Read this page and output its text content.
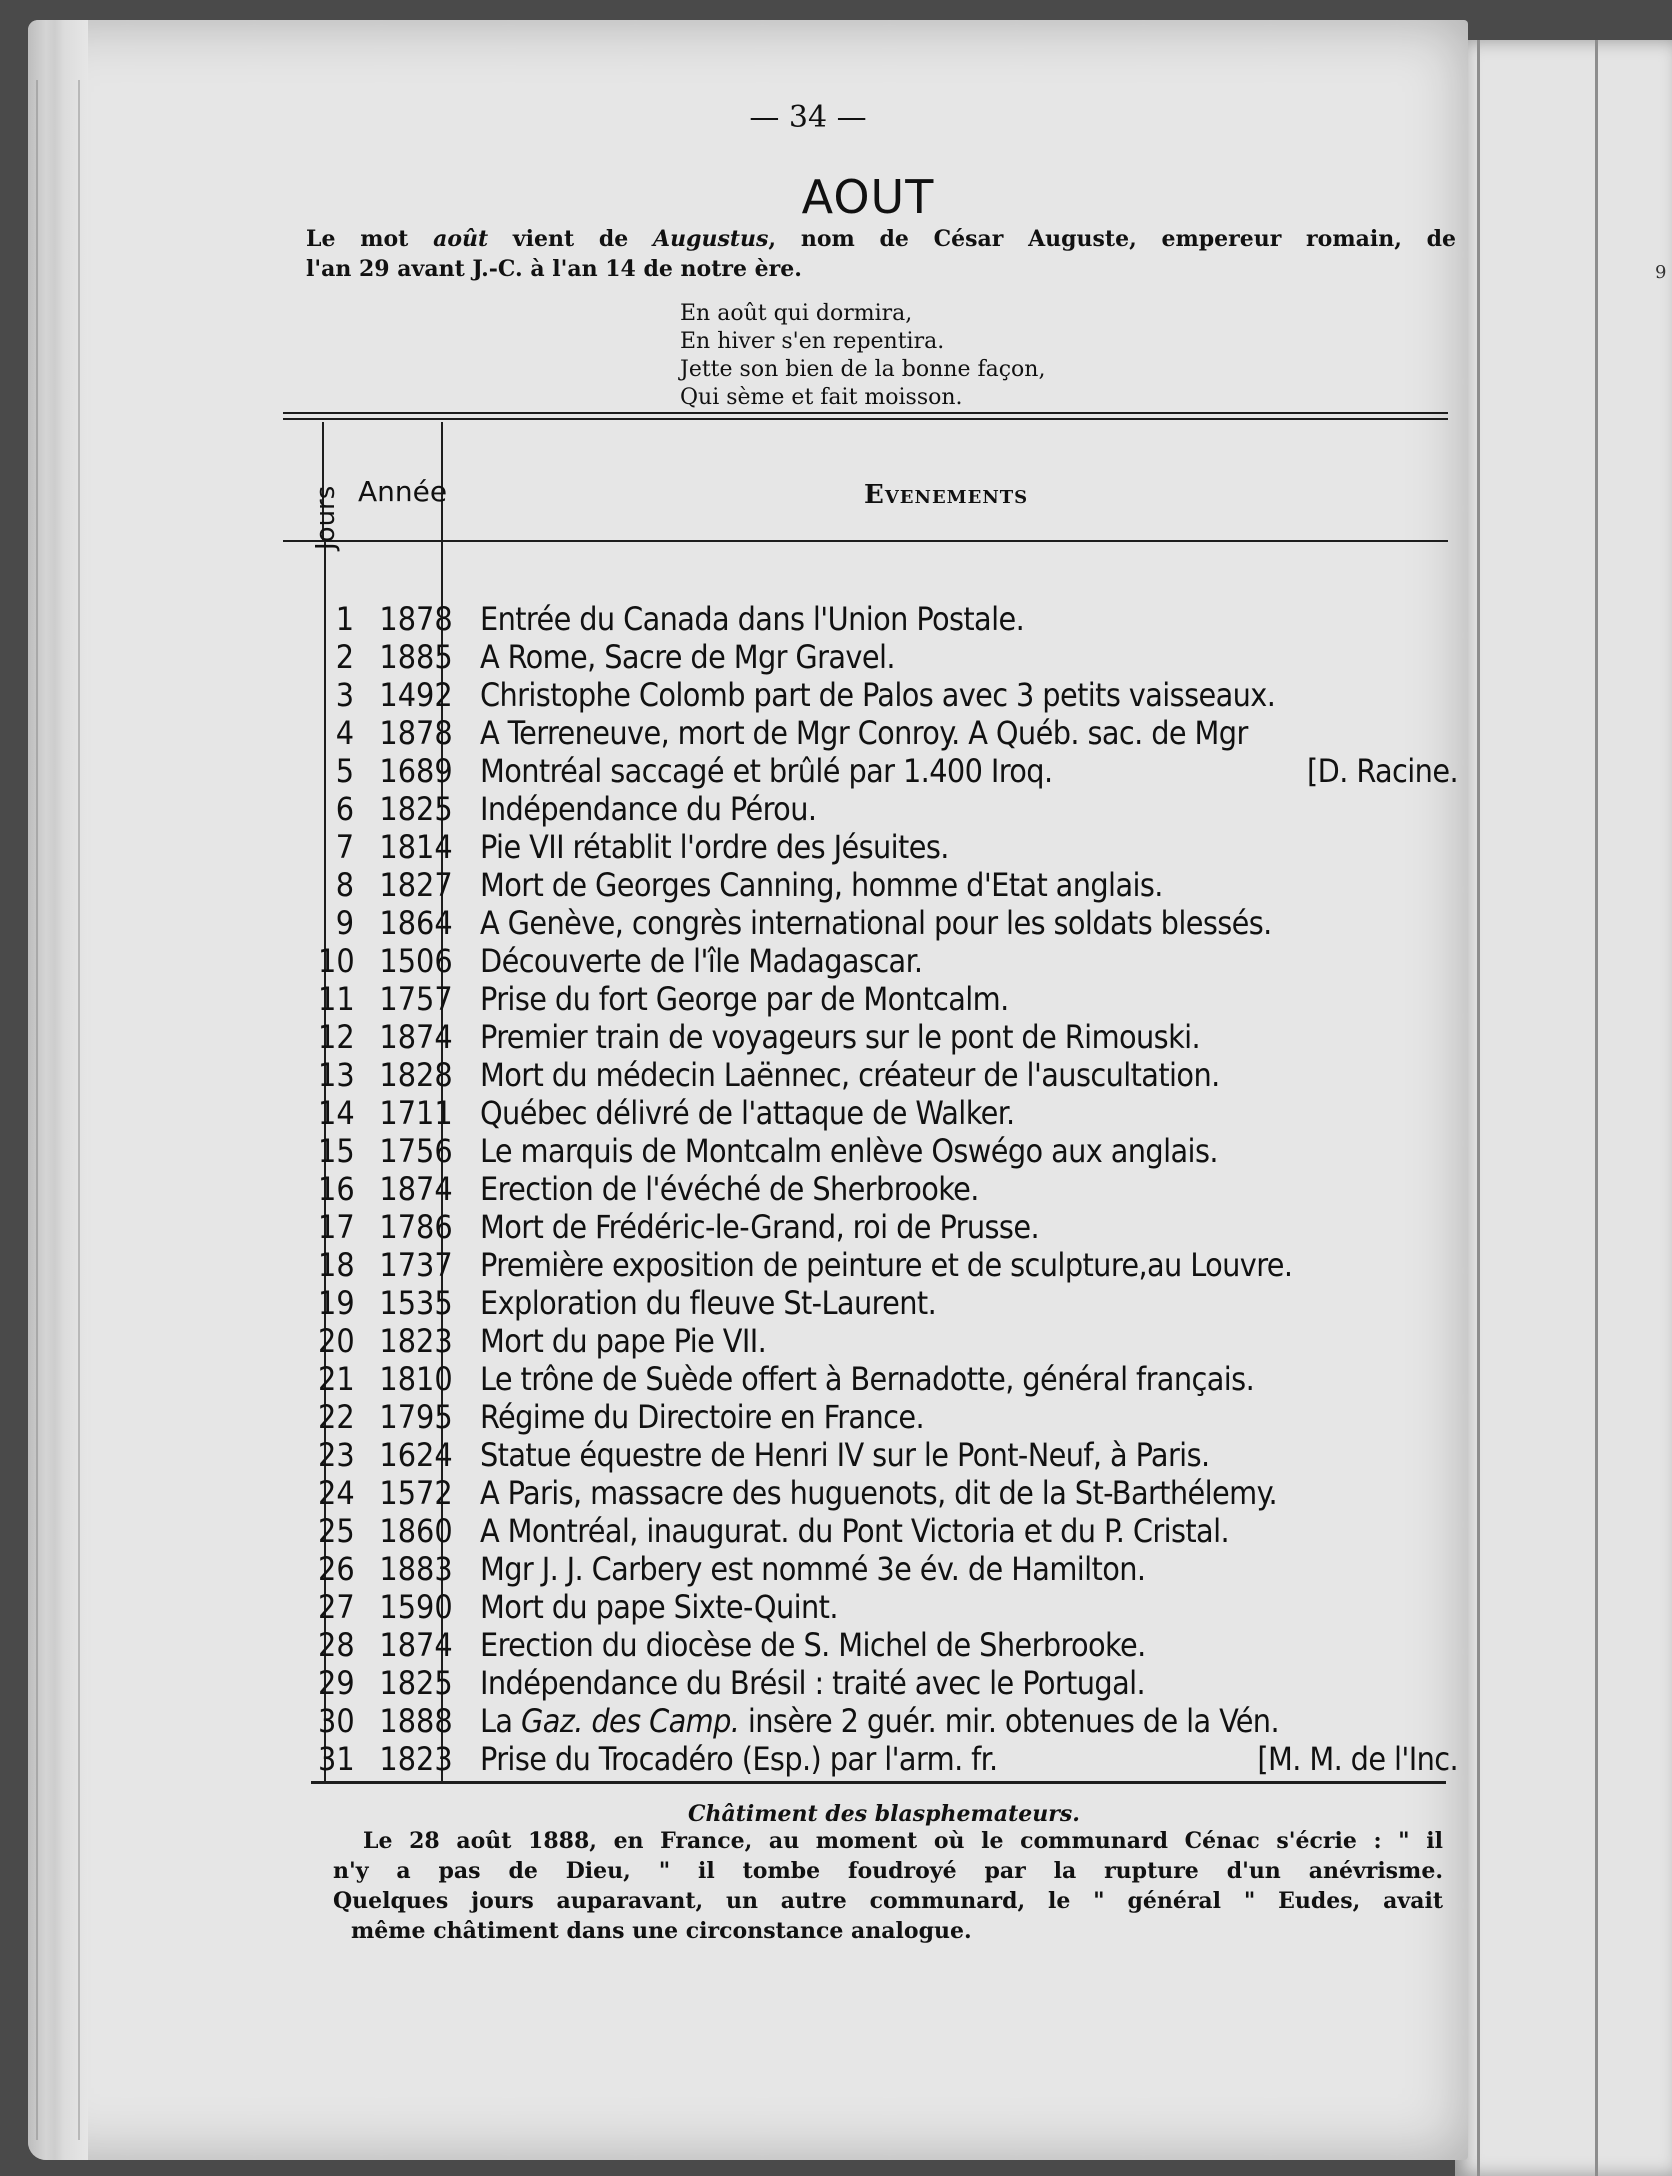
9
— 34 —
AOUT
Le mot août vient de Augustus, nom de César Auguste, empereur romain, de
l'an 29 avant J.-C. à l'an 14 de notre ère.
En août qui dormira,
En hiver s'en repentira.
Jette son bien de la bonne façon,
Qui sème et fait moisson.
Jours Année	Evenements
1 1878 Entrée du Canada dans l'Union Postale.
2 1885 A Rome, Sacre de Mgr Gravel.
3 1492 Christophe Colomb part de Palos avec 3 petits vaisseaux.
4 1878 A Terreneuve, mort de Mgr Conroy. A Québ. sac. de Mgr
5 1689 Montréal saccagé et brûlé par 1.400 Iroq.	[D. Racine.
6 1825 Indépendance du Pérou.
7 1814 Pie VII rétablit l'ordre des Jésuites.
8 1827 Mort de Georges Canning, homme d'Etat anglais.
9 1864 A Genève, congrès international pour les soldats blessés.
10 1506 Découverte de l'île Madagascar.
11 1757 Prise du fort George par de Montcalm.
12 1874 Premier train de voyageurs sur le pont de Rimouski.
13 1828 Mort du médecin Laënnec, créateur de l'auscultation.
14 1711 Québec délivré de l'attaque de Walker.
15 1756 Le marquis de Montcalm enlève Oswégo aux anglais.
16 1874 Erection de l'évéché de Sherbrooke.
17 1786 Mort de Frédéric-le-Grand, roi de Prusse.
18 1737 Première exposition de peinture et de sculpture,au Louvre.
19 1535 Exploration du fleuve St-Laurent.
20 1823 Mort du pape Pie VII.
21 1810 Le trône de Suède offert à Bernadotte, général français.
22 1795 Régime du Directoire en France.
23 1624 Statue équestre de Henri IV sur le Pont-Neuf, à Paris.
24 1572 A Paris, massacre des huguenots, dit de la St-Barthélemy.
25 1860 A Montréal, inaugurat. du Pont Victoria et du P. Cristal.
26 1883 Mgr J. J. Carbery est nommé 3e év. de Hamilton.
27 1590 Mort du pape Sixte-Quint.
28 1874 Erection du diocèse de S. Michel de Sherbrooke.
29 1825 Indépendance du Brésil : traité avec le Portugal.
30 1888 La Gaz. des Camp. insère 2 guér. mir. obtenues de la Vén.
31 1823 Prise du Trocadéro (Esp.) par l'arm. fr.	[M. M. de l'Inc.
Châtiment des blasphemateurs.
Le 28 août 1888, en France, au moment où le communard Cénac s'écrie : " il
n'y a pas de Dieu, " il tombe foudroyé par la rupture d'un anévrisme.
Quelques jours auparavant, un autre communard, le " général " Eudes, avait
même châtiment dans une circonstance analogue.
